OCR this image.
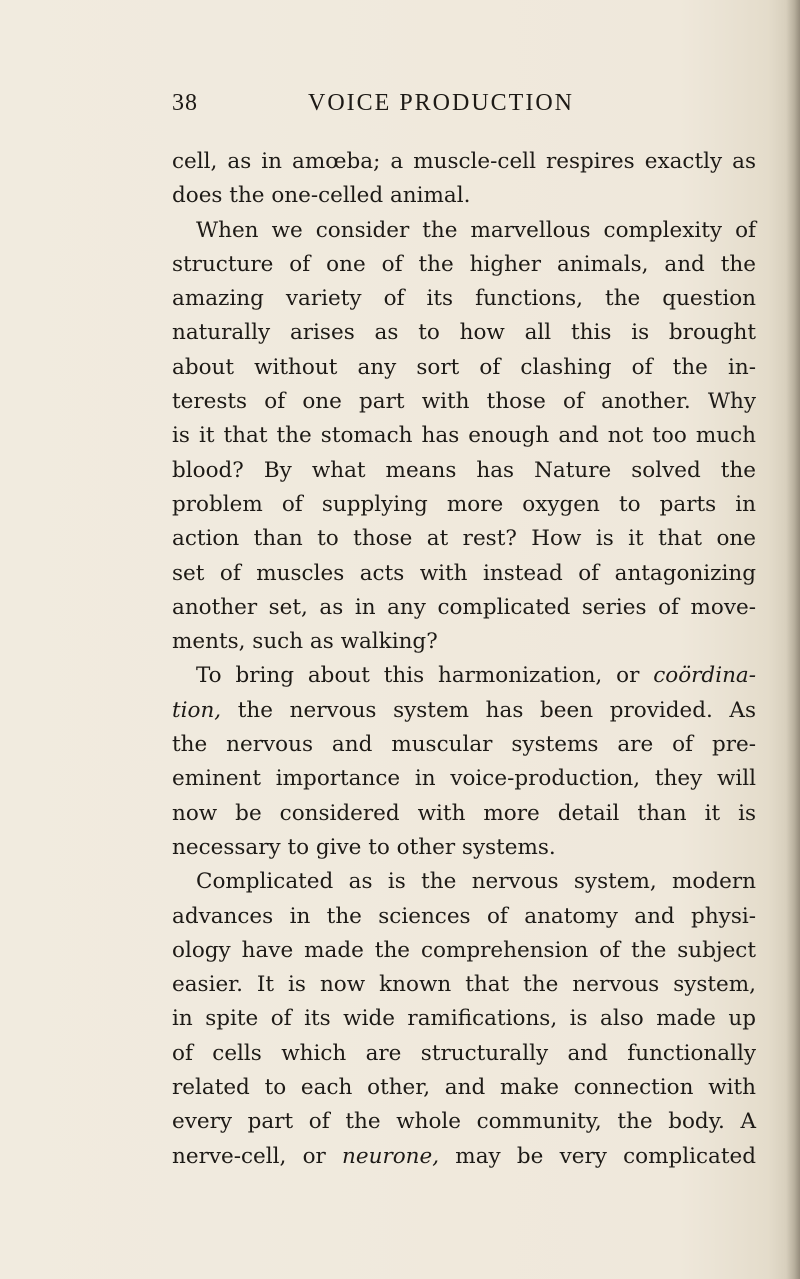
38	VOICE PRODUCTION
cell, as in amœba; a muscle-cell respires exactly as
does the one-celled animal.
When we consider the marvellous complexity of
structure of one of the higher animals, and the
amazing variety of its functions, the question
naturally arises as to how all this is brought
about without any sort of clashing of the in-
terests of one part with those of another. Why
is it that the stomach has enough and not too much
blood? By what means has Nature solved the
problem of supplying more oxygen to parts in
action than to those at rest? How is it that one
set of muscles acts with instead of antagonizing
another set, as in any complicated series of move-
ments, such as walking?
To bring about this harmonization, or coördina-
tion, the nervous system has been provided. As
the nervous and muscular systems are of pre-
eminent importance in voice-production, they will
now be considered with more detail than it is
necessary to give to other systems.
Complicated as is the nervous system, modern
advances in the sciences of anatomy and physi-
ology have made the comprehension of the subject
easier. It is now known that the nervous system,
in spite of its wide ramifications, is also made up
of cells which are structurally and functionally
related to each other, and make connection with
every part of the whole community, the body. A
nerve-cell, or neurone, may be very complicated
